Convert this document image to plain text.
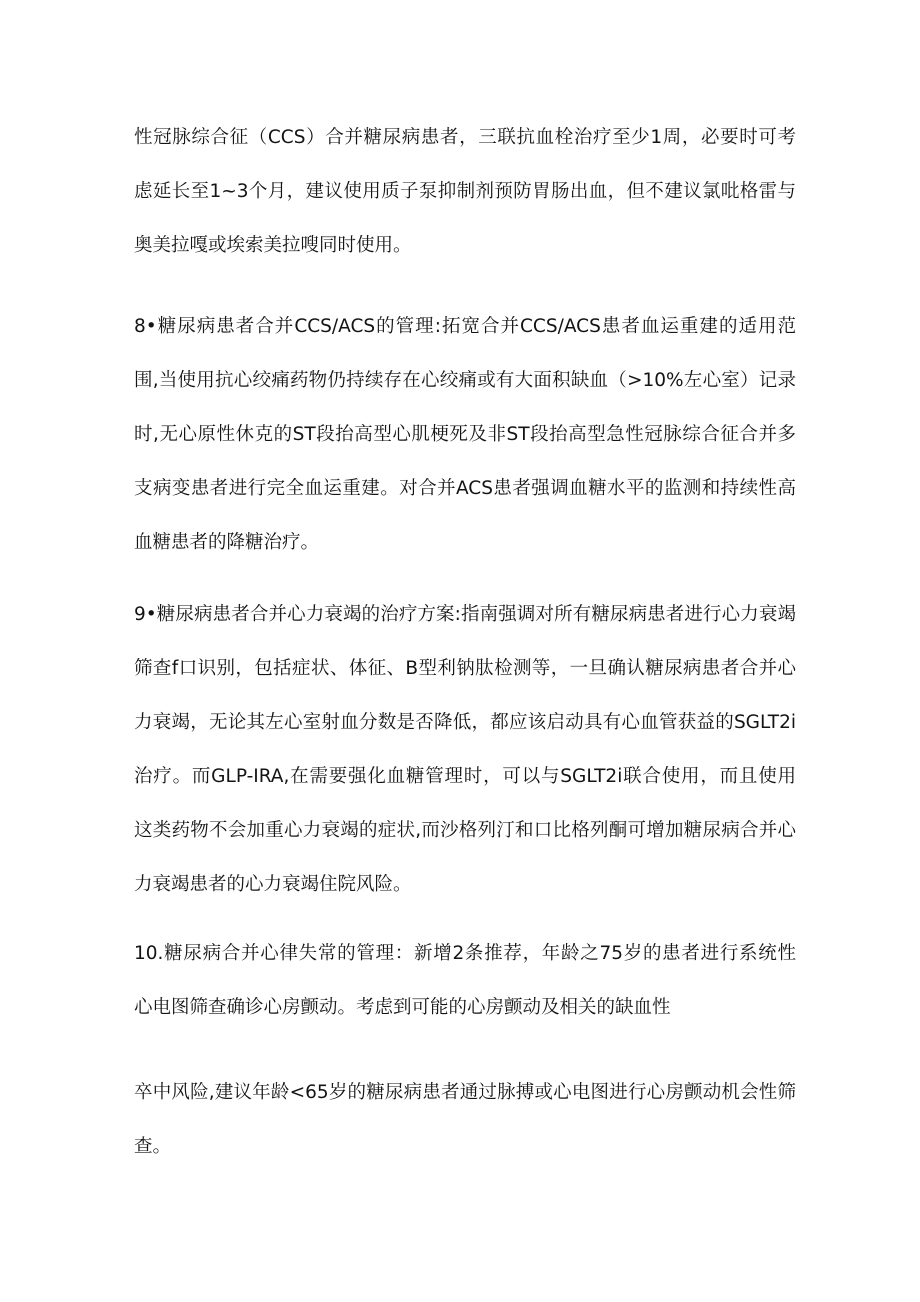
性冠脉综合征（CCS）合并糖尿病患者，三联抗血栓治疗至少1周，必要时可考
虑延长至1~3个月，建议使用质子泵抑制剂预防胃肠出血，但不建议氯吡格雷与
奥美拉嘎或埃索美拉嗖同时使用。
8•糖尿病患者合并CCS/ACS的管理:拓宽合并CCS/ACS患者血运重建的适用范
围,当使用抗心绞痛药物仍持续存在心绞痛或有大面积缺血（>10%左心室）记录
时,无心原性休克的ST段抬高型心肌梗死及非ST段抬高型急性冠脉综合征合并多
支病变患者进行完全血运重建。对合并ACS患者强调血糖水平的监测和持续性高
血糖患者的降糖治疗。
9•糖尿病患者合并心力衰竭的治疗方案:指南强调对所有糖尿病患者进行心力衰竭
筛查f口识别，包括症状、体征、B型利钠肽检测等，一旦确认糖尿病患者合并心
力衰竭，无论其左心室射血分数是否降低，都应该启动具有心血管获益的SGLT2i
治疗。而GLP-IRA,在需要强化血糖管理时，可以与SGLT2i联合使用，而且使用
这类药物不会加重心力衰竭的症状,而沙格列汀和口比格列酮可增加糖尿病合并心
力衰竭患者的心力衰竭住院风险。
10.糖尿病合并心律失常的管理：新增2条推荐，年龄之75岁的患者进行系统性
心电图筛查确诊心房颤动。考虑到可能的心房颤动及相关的缺血性
卒中风险,建议年龄<65岁的糖尿病患者通过脉搏或心电图进行心房颤动机会性筛
查。
